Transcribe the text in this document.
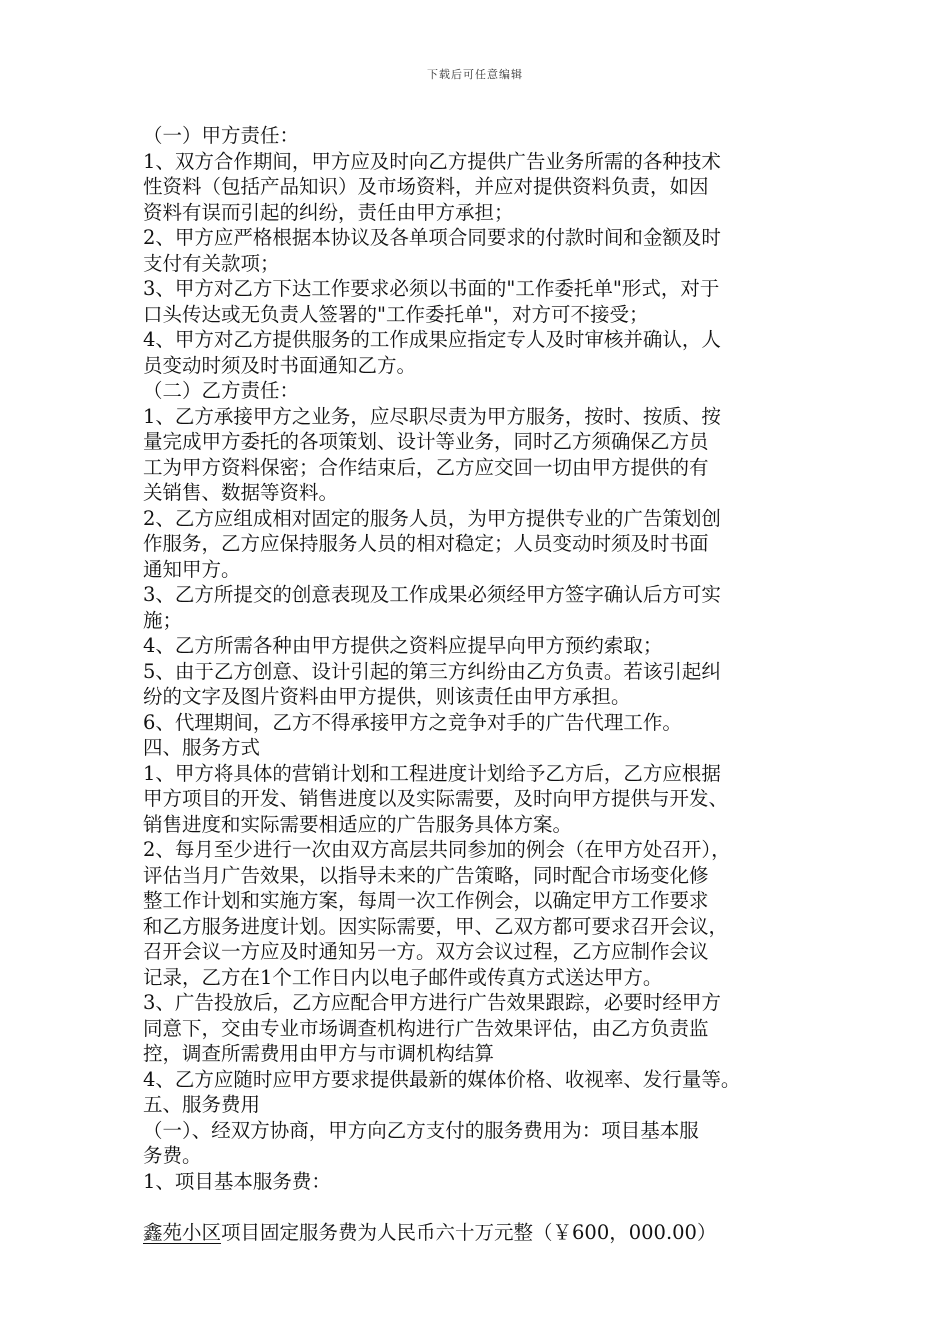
下载后可任意编辑

（一）甲方责任：

1、双方合作期间，甲方应及时向乙方提供广告业务所需的各种技术

性资料（包括产品知识）及市场资料，并应对提供资料负责，如因

资料有误而引起的纠纷，责任由甲方承担；

2、甲方应严格根据本协议及各单项合同要求的付款时间和金额及时

支付有关款项；

3、甲方对乙方下达工作要求必须以书面的"工作委托单"形式，对于

口头传达或无负责人签署的"工作委托单"，对方可不接受；

4、甲方对乙方提供服务的工作成果应指定专人及时审核并确认，人

员变动时须及时书面通知乙方。

（二）乙方责任：

1、乙方承接甲方之业务，应尽职尽责为甲方服务，按时、按质、按

量完成甲方委托的各项策划、设计等业务，同时乙方须确保乙方员

工为甲方资料保密；合作结束后，乙方应交回一切由甲方提供的有

关销售、数据等资料。

2、乙方应组成相对固定的服务人员，为甲方提供专业的广告策划创

作服务，乙方应保持服务人员的相对稳定；人员变动时须及时书面

通知甲方。

3、乙方所提交的创意表现及工作成果必须经甲方签字确认后方可实

施；

4、乙方所需各种由甲方提供之资料应提早向甲方预约索取；

5、由于乙方创意、设计引起的第三方纠纷由乙方负责。若该引起纠

纷的文字及图片资料由甲方提供，则该责任由甲方承担。

6、代理期间，乙方不得承接甲方之竞争对手的广告代理工作。

四、服务方式

1、甲方将具体的营销计划和工程进度计划给予乙方后，乙方应根据

甲方项目的开发、销售进度以及实际需要，及时向甲方提供与开发、

销售进度和实际需要相适应的广告服务具体方案。

2、每月至少进行一次由双方高层共同参加的例会（在甲方处召开），

评估当月广告效果，以指导未来的广告策略，同时配合市场变化修

整工作计划和实施方案，每周一次工作例会，以确定甲方工作要求

和乙方服务进度计划。因实际需要，甲、乙双方都可要求召开会议，

召开会议一方应及时通知另一方。双方会议过程，乙方应制作会议

记录，乙方在1个工作日内以电子邮件或传真方式送达甲方。

3、广告投放后，乙方应配合甲方进行广告效果跟踪，必要时经甲方

同意下，交由专业市场调查机构进行广告效果评估，由乙方负责监

控，调查所需费用由甲方与市调机构结算

4、乙方应随时应甲方要求提供最新的媒体价格、收视率、发行量等。

五、服务费用

（一）、经双方协商，甲方向乙方支付的服务费用为：项目基本服

务费。

1、项目基本服务费：

鑫苑小区项目固定服务费为人民币六十万元整（￥600，000.00）
